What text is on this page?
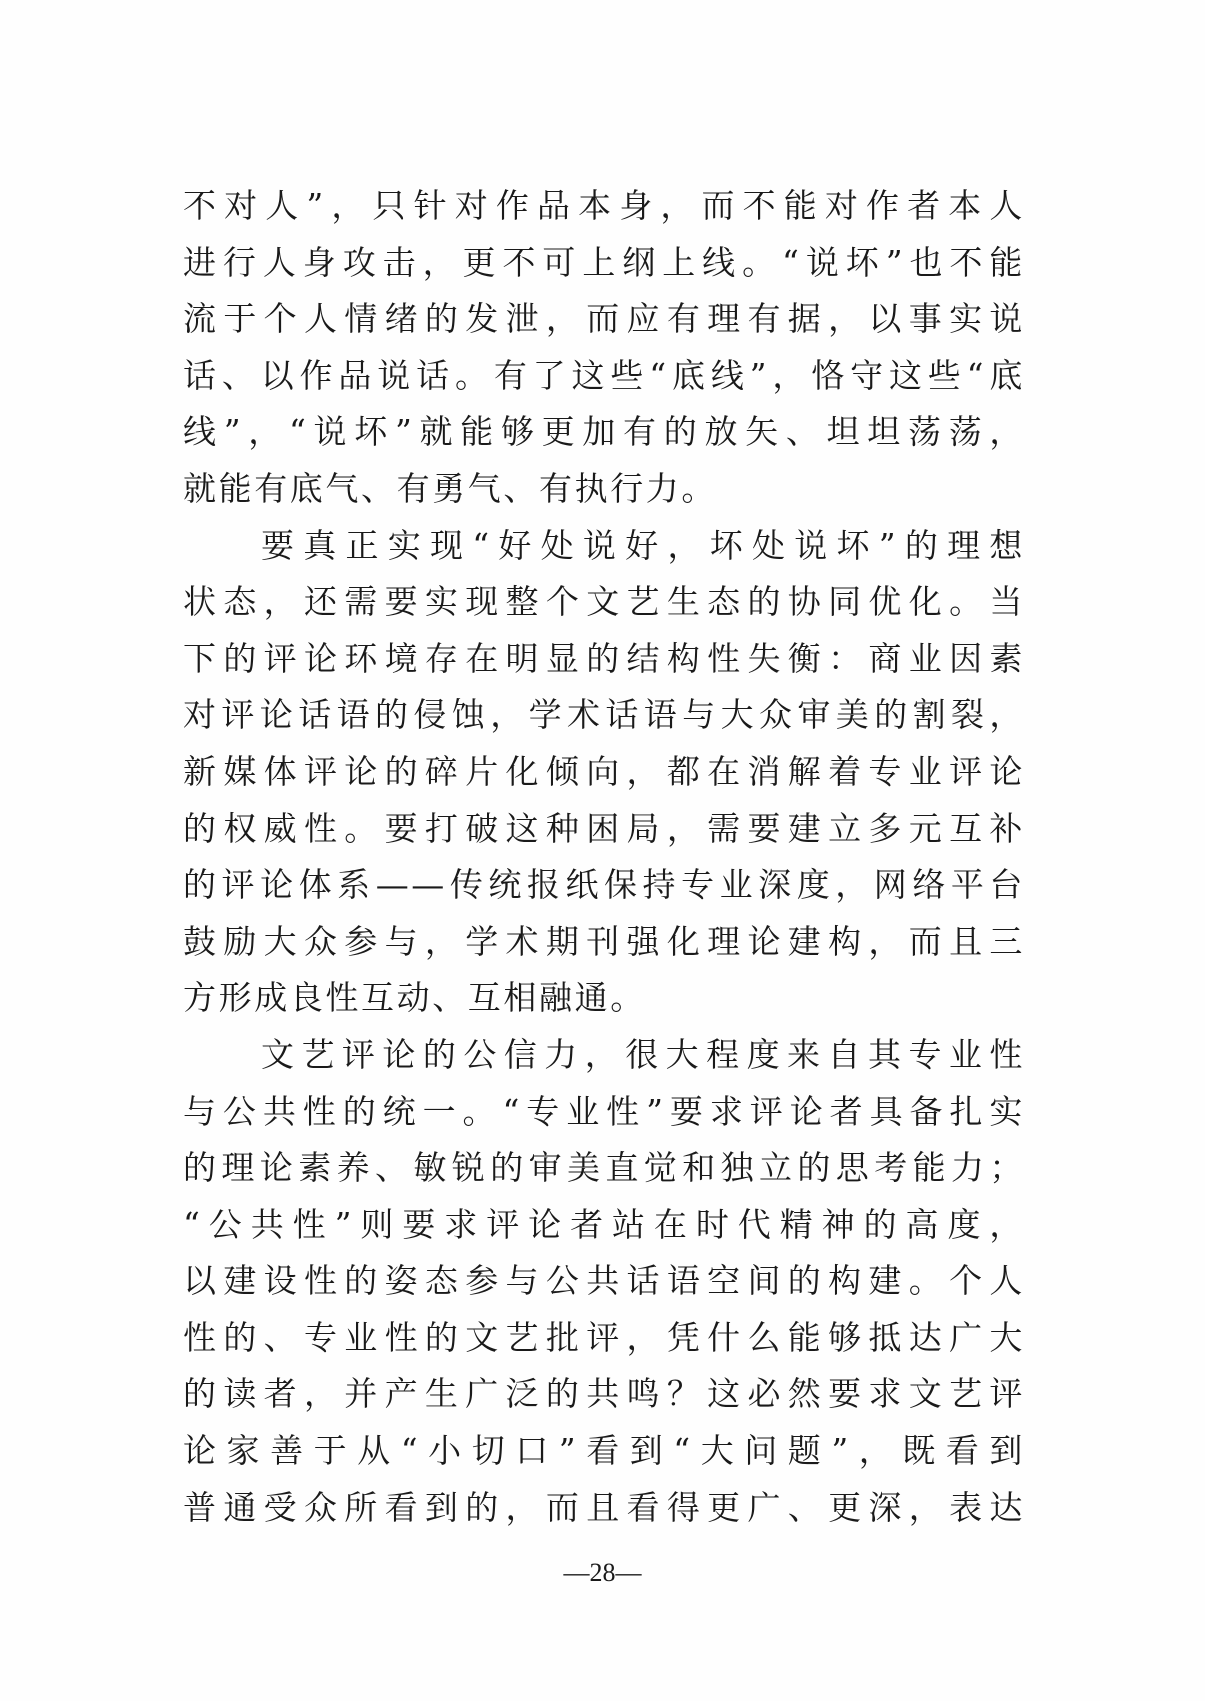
不对人”，只针对作品本身，而不能对作者本人
进行人身攻击，更不可上纲上线。“说坏”也不能
流于个人情绪的发泄，而应有理有据，以事实说
话、以作品说话。有了这些“底线”，恪守这些“底
线”，“说坏”就能够更加有的放矢、坦坦荡荡，
就能有底气、有勇气、有执行力。
要真正实现“好处说好，坏处说坏”的理想
状态，还需要实现整个文艺生态的协同优化。当
下的评论环境存在明显的结构性失衡：商业因素
对评论话语的侵蚀，学术话语与大众审美的割裂，
新媒体评论的碎片化倾向，都在消解着专业评论
的权威性。要打破这种困局，需要建立多元互补
的评论体系——传统报纸保持专业深度，网络平台
鼓励大众参与，学术期刊强化理论建构，而且三
方形成良性互动、互相融通。
文艺评论的公信力，很大程度来自其专业性
与公共性的统一。“专业性”要求评论者具备扎实
的理论素养、敏锐的审美直觉和独立的思考能力；
“公共性”则要求评论者站在时代精神的高度，
以建设性的姿态参与公共话语空间的构建。个人
性的、专业性的文艺批评，凭什么能够抵达广大
的读者，并产生广泛的共鸣？这必然要求文艺评
论家善于从“小切口”看到“大问题”，既看到
普通受众所看到的，而且看得更广、更深，表达
—28—
